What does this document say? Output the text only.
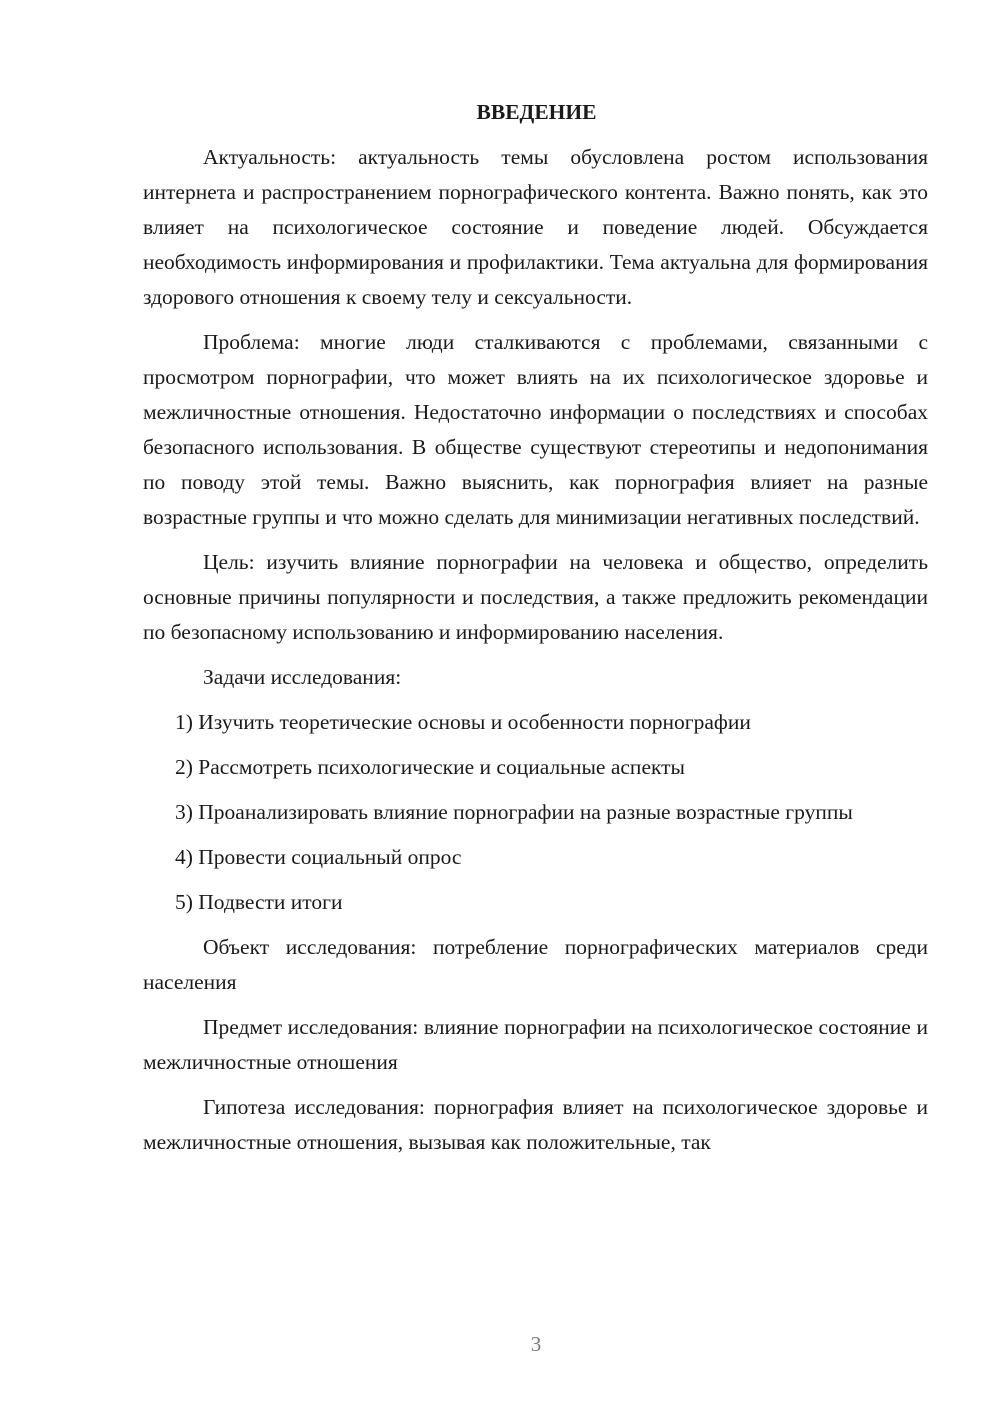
ВВЕДЕНИЕ

Актуальность: актуальность темы обусловлена ростом использования интернета и распространением порнографического контента. Важно понять, как это влияет на психологическое состояние и поведение людей. Обсуждается необходимость информирования и профилактики. Тема актуальна для формирования здорового отношения к своему телу и сексуальности.

Проблема: многие люди сталкиваются с проблемами, связанными с просмотром порнографии, что может влиять на их психологическое здоровье и межличностные отношения. Недостаточно информации о последствиях и способах безопасного использования. В обществе существуют стереотипы и недопонимания по поводу этой темы. Важно выяснить, как порнография влияет на разные возрастные группы и что можно сделать для минимизации негативных последствий.

Цель: изучить влияние порнографии на человека и общество, определить основные причины популярности и последствия, а также предложить рекомендации по безопасному использованию и информированию населения.

Задачи исследования:

1) Изучить теоретические основы и особенности порнографии

2) Рассмотреть психологические и социальные аспекты

3) Проанализировать влияние порнографии на разные возрастные группы

4) Провести социальный опрос

5) Подвести итоги

Объект исследования: потребление порнографических материалов среди населения

Предмет исследования: влияние порнографии на психологическое состояние и межличностные отношения

Гипотеза исследования: порнография влияет на психологическое здоровье и межличностные отношения, вызывая как положительные, так

3
